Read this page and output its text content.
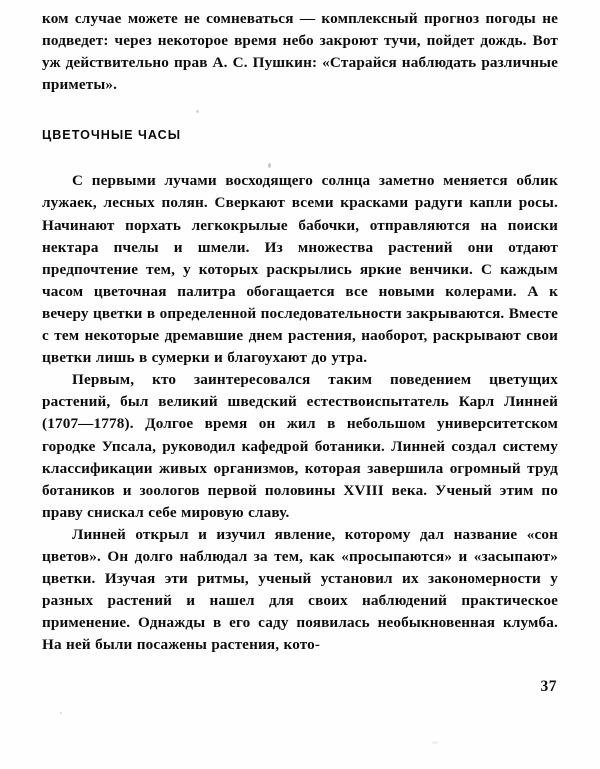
ком случае можете не сомневаться — комплексный прогноз погоды не подведет: через некоторое время небо закроют тучи, пойдет дождь. Вот уж действительно прав А. С. Пушкин: «Старайся наблюдать различные приметы».

ЦВЕТОЧНЫЕ ЧАСЫ

С первыми лучами восходящего солнца заметно меняется облик лужаек, лесных полян. Сверкают всеми красками радуги капли росы. Начинают порхать легкокрылые бабочки, отправляются на поиски нектара пчелы и шмели. Из множества растений они отдают предпочтение тем, у которых раскрылись яркие венчики. С каждым часом цветочная палитра обогащается все новыми колерами. А к вечеру цветки в определенной последовательности закрываются. Вместе с тем некоторые дремавшие днем растения, наоборот, раскрывают свои цветки лишь в сумерки и благоухают до утра.

Первым, кто заинтересовался таким поведением цветущих растений, был великий шведский естествоиспытатель Карл Линней (1707—1778). Долгое время он жил в небольшом университетском городке Упсала, руководил кафедрой ботаники. Линней создал систему классификации живых организмов, которая завершила огромный труд ботаников и зоологов первой половины XVIII века. Ученый этим по праву снискал себе мировую славу.

Линней открыл и изучил явление, которому дал название «сон цветов». Он долго наблюдал за тем, как «просыпаются» и «засыпают» цветки. Изучая эти ритмы, ученый установил их закономерности у разных растений и нашел для своих наблюдений практическое применение. Однажды в его саду появилась необыкновенная клумба. На ней были посажены растения, кото-

37
